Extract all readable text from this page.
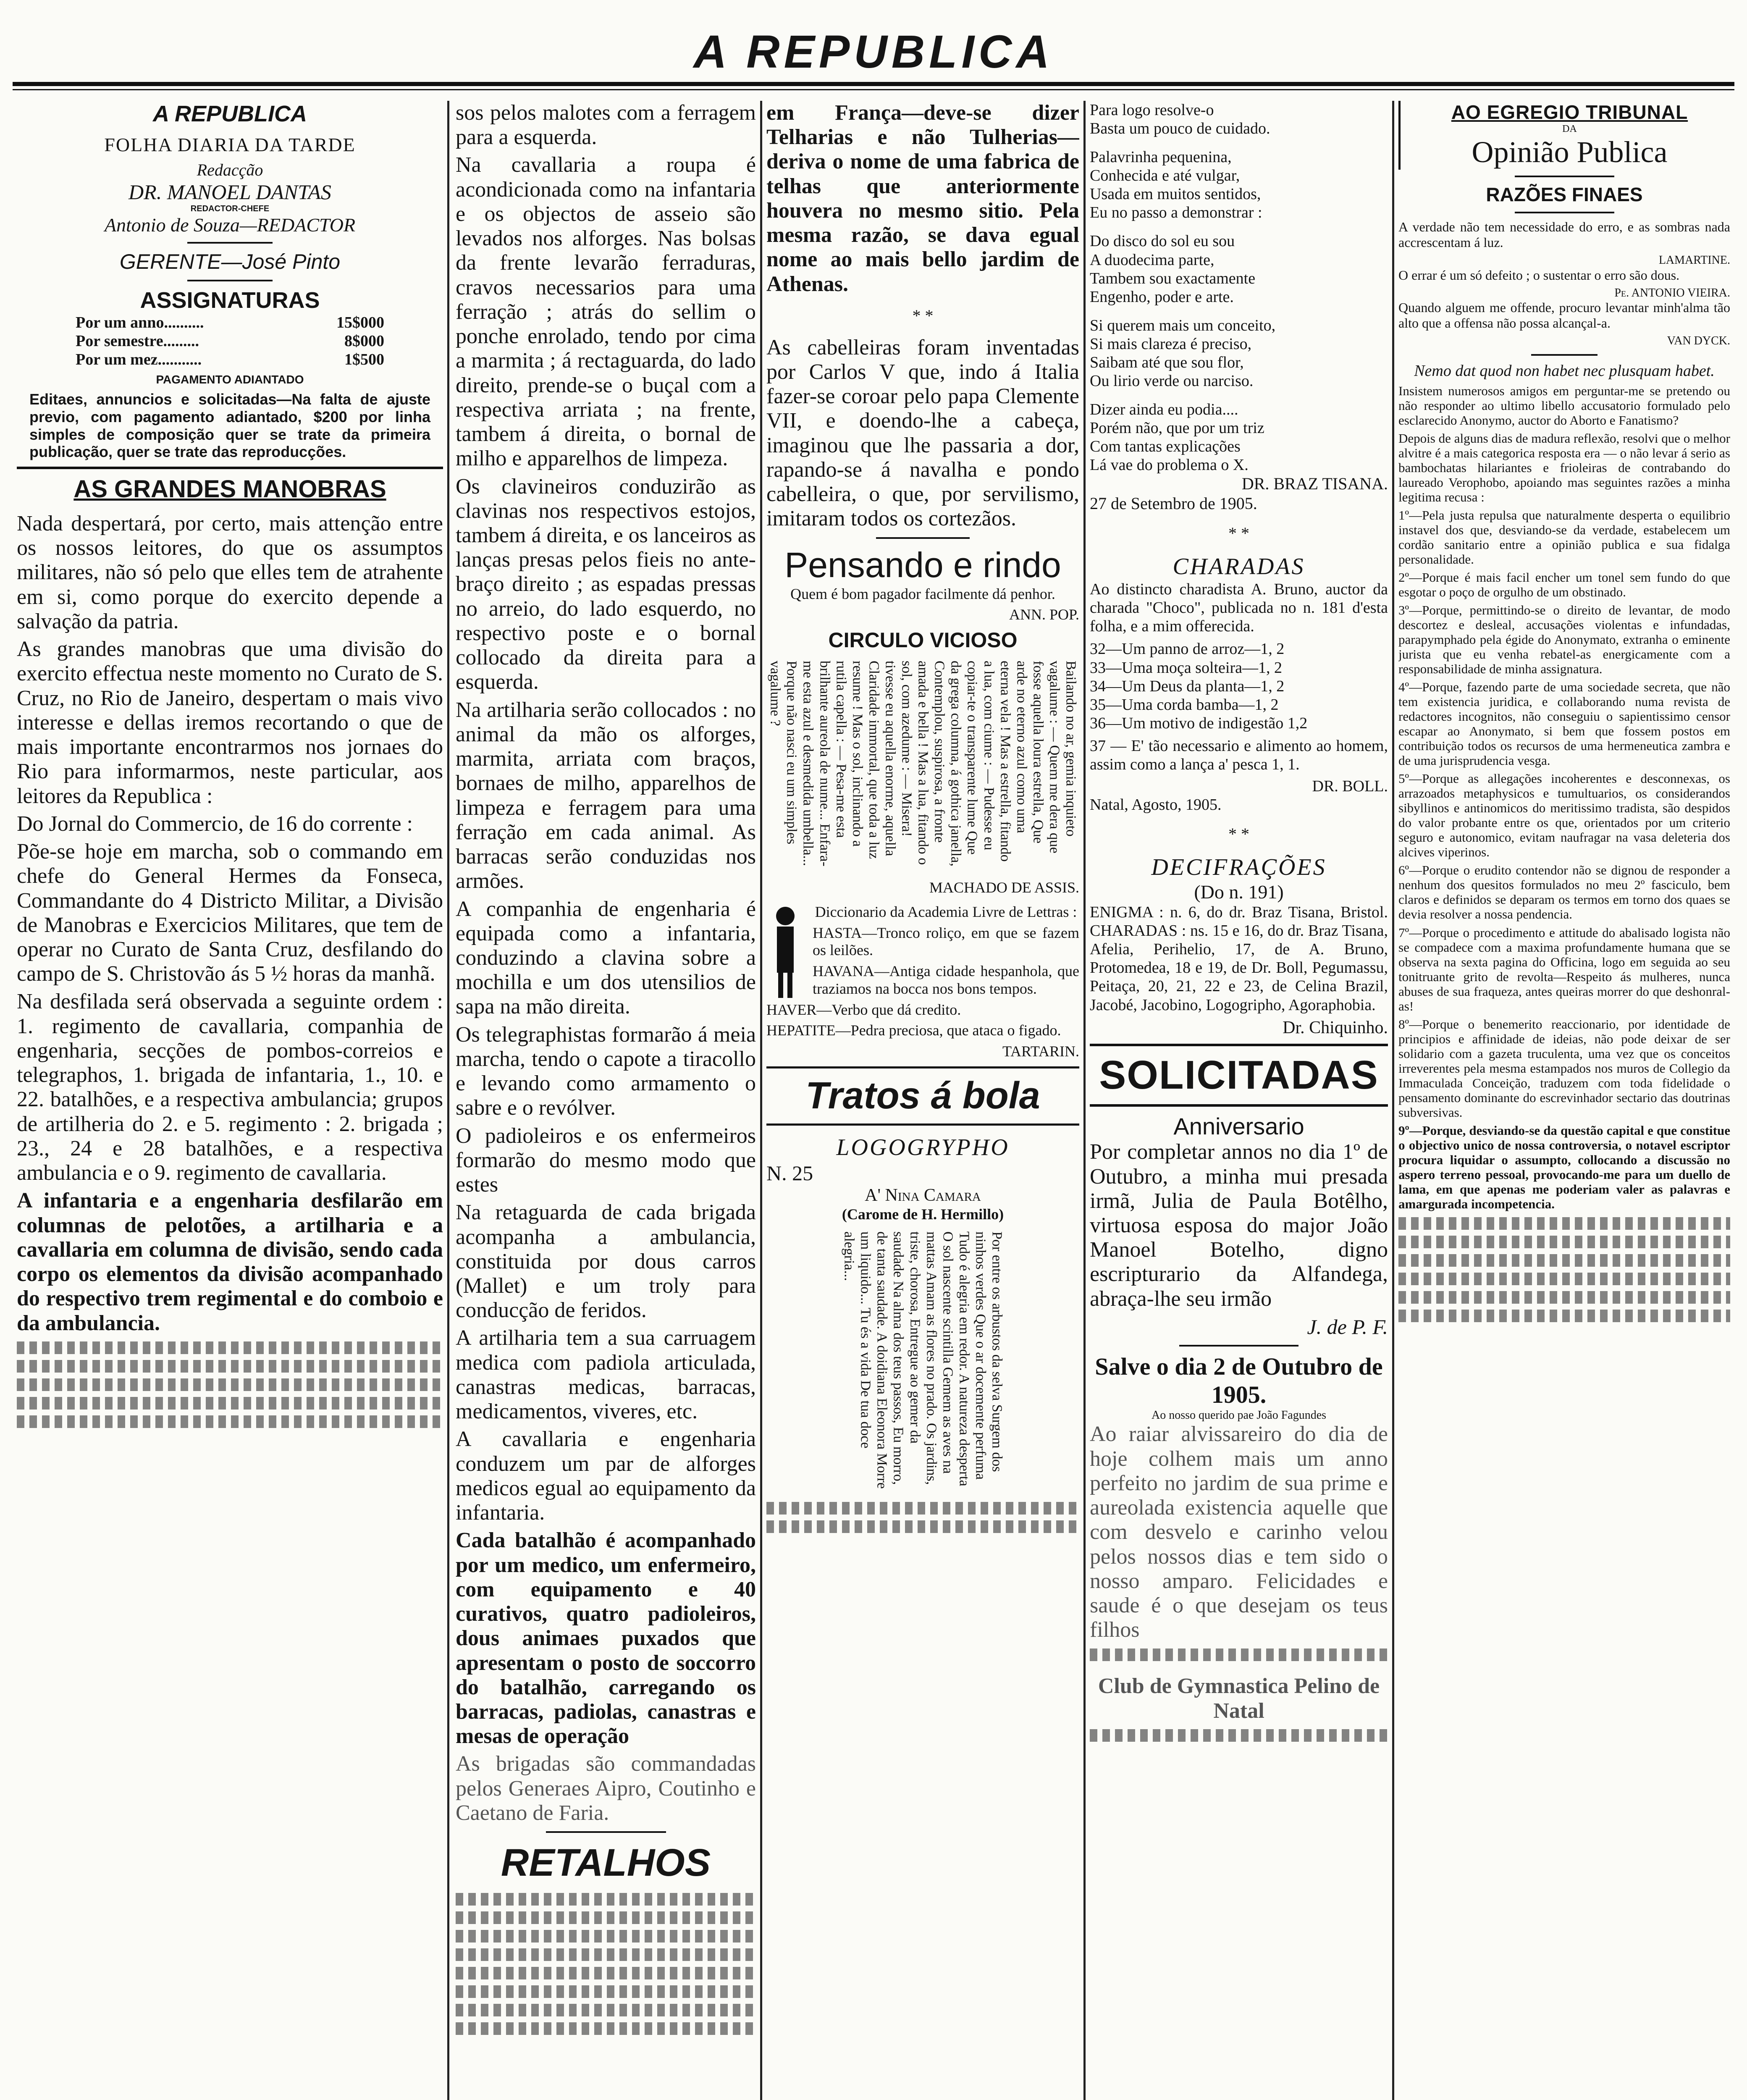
A REPUBLICA
A REPUBLICA
FOLHA DIARIA DA TARDE
Redacção
DR. MANOEL DANTAS
REDACTOR-CHEFE
Antonio de Souza—REDACTOR
GERENTE—José Pinto
ASSIGNATURAS
Por um anno..........	15$000
Por semestre.........	8$000
Por um mez...........	1$500
PAGAMENTO ADIANTADO

Editaes, annuncios e solicitadas—Na falta de ajuste previo, com pagamento adiantado, $200 por linha simples de composição quer se trate da primeira publicação, quer se trate das reproducções.

AS GRANDES MANOBRAS

Nada despertará, por certo, mais attenção entre os nossos leitores, do que os assumptos militares, não só pelo que elles tem de atrahente em si, como porque do exercito depende a salvação da patria.

As grandes manobras que uma divisão do exercito effectua neste momento no Curato de S. Cruz, no Rio de Janeiro, despertam o mais vivo interesse e dellas iremos recortando o que de mais importante encontrarmos nos jornaes do Rio para informarmos, neste particular, aos leitores da Republica :

Do Jornal do Commercio, de 16 do corrente :

Põe-se hoje em marcha, sob o commando em chefe do General Hermes da Fonseca, Commandante do 4 Districto Militar, a Divisão de Manobras e Exercicios Militares, que tem de operar no Curato de Santa Cruz, desfilando do campo de S. Christovão ás 5 ½ horas da manhã.

Na desfilada será observada a seguinte ordem : 1. regimento de cavallaria, companhia de engenharia, secções de pombos-correios e telegraphos, 1. brigada de infantaria, 1., 10. e 22. batalhões, e a respectiva ambulancia; grupos de artilheria do 2. e 5. regimento : 2. brigada ; 23., 24 e 28 batalhões, e a respectiva ambulancia e o 9. regimento de cavallaria.

A infantaria e a engenharia desfilarão em columnas de pelotões, a artilharia e a cavallaria em columna de divisão, sendo cada corpo os elementos da divisão acompanhado do respectivo trem regimental e do comboio e da ambulancia.

sos pelos malotes com a ferragem para a esquerda.

Na cavallaria a roupa é acondicionada como na infantaria e os objectos de asseio são levados nos alforges. Nas bolsas da frente levarão ferraduras, cravos necessarios para uma ferração ; atrás do sellim o ponche enrolado, tendo por cima a marmita ; á rectaguarda, do lado direito, prende-se o buçal com a respectiva arriata ; na frente, tambem á direita, o bornal de milho e apparelhos de limpeza.

Os clavineiros conduzirão as clavinas nos respectivos estojos, tambem á direita, e os lanceiros as lanças presas pelos fieis no ante-braço direito ; as espadas pressas no arreio, do lado esquerdo, no respectivo poste e o bornal collocado da direita para a esquerda.

Na artilharia serão collocados : no animal da mão os alforges, marmita, arriata com braços, bornaes de milho, apparelhos de limpeza e ferragem para uma ferração em cada animal. As barracas serão conduzidas nos armões.

A companhia de engenharia é equipada como a infantaria, conduzindo a clavina sobre a mochilla e um dos utensilios de sapa na mão direita.

Os telegraphistas formarão á meia marcha, tendo o capote a tiracollo e levando como armamento o sabre e o revólver.

O padioleiros e os enfermeiros formarão do mesmo modo que estes

Na retaguarda de cada brigada acompanha a ambulancia, constituida por dous carros (Mallet) e um troly para conducção de feridos.

A artilharia tem a sua carruagem medica com padiola articulada, canastras medicas, barracas, medicamentos, viveres, etc.

A cavallaria e engenharia conduzem um par de alforges medicos egual ao equipamento da infantaria.

Cada batalhão é acompanhado por um medico, um enfermeiro, com equipamento e 40 curativos, quatro padioleiros, dous animaes puxados que apresentam o posto de soccorro do batalhão, carregando os barracas, padiolas, canastras e mesas de operação

As brigadas são commandadas pelos Generaes Aipro, Coutinho e Caetano de Faria.

RETALHOS

em França—deve-se dizer Telharias e não Tulherias—deriva o nome de uma fabrica de telhas que anteriormente houvera no mesmo sitio. Pela mesma razão, se dava egual nome ao mais bello jardim de Athenas.

* *

As cabelleiras foram inventadas por Carlos V que, indo á Italia fazer-se coroar pelo papa Clemente VII, e doendo-lhe a cabeça, imaginou que lhe passaria a dor, rapando-se á navalha e pondo cabelleira, o que, por servilismo, imitaram todos os cortezãos.

Pensando e rindo

Quem é bom pagador facilmente dá penhor.

ANN. POP.
CIRCULO VICIOSO
Bailando no ar, gemia inquieto vagalume : — Quem me dera que fosse aquella loura estrella, Que arde no eterno azul como uma eterna vela ! Mas a estrella, fitando a lua, com ciume : — Pudesse eu copiar-te o transparente lume Que da grega columna, á gothica janella, Contemplou, suspirosa, a fronte amada e bella ! Mas a lua, fitando o sol, com azedume : — Misera! tivesse eu aquella enorme, aquella Claridade immortal, que toda a luz resume ! Mas o sol, inclinando a rutila capella : — Pesa-me esta brilhante aureola de nume... Enfara-me esta azul e desmedida umbella... Porque não nasci eu um simples vagalume ?
MACHADO DE ASSIS.

Diccionario da Academia Livre de Lettras :

HASTA—Tronco roliço, em que se fazem os leilões.

HAVANA—Antiga cidade hespanhola, que traziamos na bocca nos bons tempos.

HAVER—Verbo que dá credito.

HEPATITE—Pedra preciosa, que ataca o figado.

TARTARIN.
Tratos á bola
LOGOGRYPHO
N. 25
A' Nina Camara
(Carome de H. Hermillo)
Por entre os arbustos da selva Surgem dos ninhos verdes Que o ar docemente perfuma Tudo é alegria em redor. A natureza desperta O sol nascente scintilla Gemem as aves na mattas Amam as flores no prado. Os jardins, triste, chorosa, Entregue ao gemer da saudade Na alma dos teus passos, Eu morro, de tanta saudade. A doidiana Eleonora Morre um liquido... Tu és a vida De tua doce alegria...
Para logo resolve-o
Basta um pouco de cuidado.
Palavrinha pequenina,
Conhecida e até vulgar,
Usada em muitos sentidos,
Eu no passo a demonstrar :
Do disco do sol eu sou
A duodecima parte,
Tambem sou exactamente
Engenho, poder e arte.
Si querem mais um conceito,
Si mais clareza é preciso,
Saibam até que sou flor,
Ou lirio verde ou narciso.
Dizer ainda eu podia....
Porém não, que por um triz
Com tantas explicações
Lá vae do problema o X.
DR. BRAZ TISANA.
27 de Setembro de 1905.
* *
CHARADAS

Ao distincto charadista A. Bruno, auctor da charada "Choco", publicada no n. 181 d'esta folha, e a mim offerecida.

32—Um panno de arroz—1, 2
33—Uma moça solteira—1, 2
34—Um Deus da planta—1, 2
35—Uma corda bamba—1, 2
36—Um motivo de indigestão 1,2

37 — E' tão necessario e alimento ao homem, assim como a lança a' pesca 1, 1.

DR. BOLL.
Natal, Agosto, 1905.
* *
DECIFRAÇÕES
(Do n. 191)

ENIGMA : n. 6, do dr. Braz Tisana, Bristol. CHARADAS : ns. 15 e 16, do dr. Braz Tisana, Afelia, Perihelio, 17, de A. Bruno, Protomedea, 18 e 19, de Dr. Boll, Pegumassu, Peitaça, 20, 21, 22 e 23, de Celina Brazil, Jacobé, Jacobino, Logogripho, Agoraphobia.

Dr. Chiquinho.
SOLICITADAS
Anniversario

Por completar annos no dia 1º de Outubro, a minha mui presada irmã, Julia de Paula Botêlho, virtuosa esposa do major João Manoel Botelho, digno escripturario da Alfandega, abraça-lhe seu irmão

J. de P. F.
Salve o dia 2 de Outubro de 1905.
Ao nosso querido pae João Fagundes

Ao raiar alvissareiro do dia de hoje colhem mais um anno perfeito no jardim de sua prime e aureolada existencia aquelle que com desvelo e carinho velou pelos nossos dias e tem sido o nosso amparo. Felicidades e saude é o que desejam os teus filhos

Club de Gymnastica Pelino de Natal
AO EGREGIO TRIBUNAL
DA
Opinião Publica
RAZÕES FINAES

A verdade não tem necessidade do erro, e as sombras nada accrescentam á luz.

LAMARTINE.

O errar é um só defeito ; o sustentar o erro são dous.

Pe. ANTONIO VIEIRA.

Quando alguem me offende, procuro levantar minh'alma tão alto que a offensa não possa alcançal-a.

VAN DYCK.

Nemo dat quod non habet nec plusquam habet.

Insistem numerosos amigos em perguntar-me se pretendo ou não responder ao ultimo libello accusatorio formulado pelo esclarecido Anonymo, auctor do Aborto e Fanatismo?

Depois de alguns dias de madura reflexão, resolvi que o melhor alvitre é a mais categorica resposta era — o não levar á serio as bambochatas hilariantes e frioleiras de contrabando do laureado Verophobo, apoiando mas seguintes razões a minha legitima recusa :

1º—Pela justa repulsa que naturalmente desperta o equilibrio instavel dos que, desviando-se da verdade, estabelecem um cordão sanitario entre a opinião publica e sua fidalga personalidade.

2º—Porque é mais facil encher um tonel sem fundo do que esgotar o poço de orgulho de um obstinado.

3º—Porque, permittindo-se o direito de levantar, de modo descortez e desleal, accusações violentas e infundadas, parapymphado pela égide do Anonymato, extranha o eminente jurista que eu venha rebatel-as energicamente com a responsabilidade de minha assignatura.

4º—Porque, fazendo parte de uma sociedade secreta, que não tem existencia juridica, e collaborando numa revista de redactores incognitos, não conseguiu o sapientissimo censor escapar ao Anonymato, si bem que fossem postos em contribuição todos os recursos de uma hermeneutica zambra e de uma jurisprudencia vesga.

5º—Porque as allegações incoherentes e desconnexas, os arrazoados metaphysicos e tumultuarios, os considerandos sibyllinos e antinomicos do meritissimo tradista, são despidos do valor probante entre os que, orientados por um criterio seguro e autonomico, evitam naufragar na vasa deleteria dos alcives viperinos.

6º—Porque o erudito contendor não se dignou de responder a nenhum dos quesitos formulados no meu 2º fasciculo, bem claros e definidos se deparam os termos em torno dos quaes se devia resolver a nossa pendencia.

7º—Porque o procedimento e attitude do abalisado logista não se compadece com a maxima profundamente humana que se observa na sexta pagina do Officina, logo em seguida ao seu tonitruante grito de revolta—Respeito ás mulheres, nunca abuses de sua fraqueza, antes queiras morrer do que deshonral-as!

8º—Porque o benemerito reaccionario, por identidade de principios e affinidade de ideias, não pode deixar de ser solidario com a gazeta truculenta, uma vez que os conceitos irreverentes pela mesma estampados nos muros de Collegio da Immaculada Conceição, traduzem com toda fidelidade o pensamento dominante do escrevinhador sectario das doutrinas subversivas.

9º—Porque, desviando-se da questão capital e que constitue o objectivo unico de nossa controversia, o notavel escriptor procura liquidar o assumpto, collocando a discussão no aspero terreno pessoal, provocando-me para um duello de lama, em que apenas me poderiam valer as palavras e amargurada incompetencia.
